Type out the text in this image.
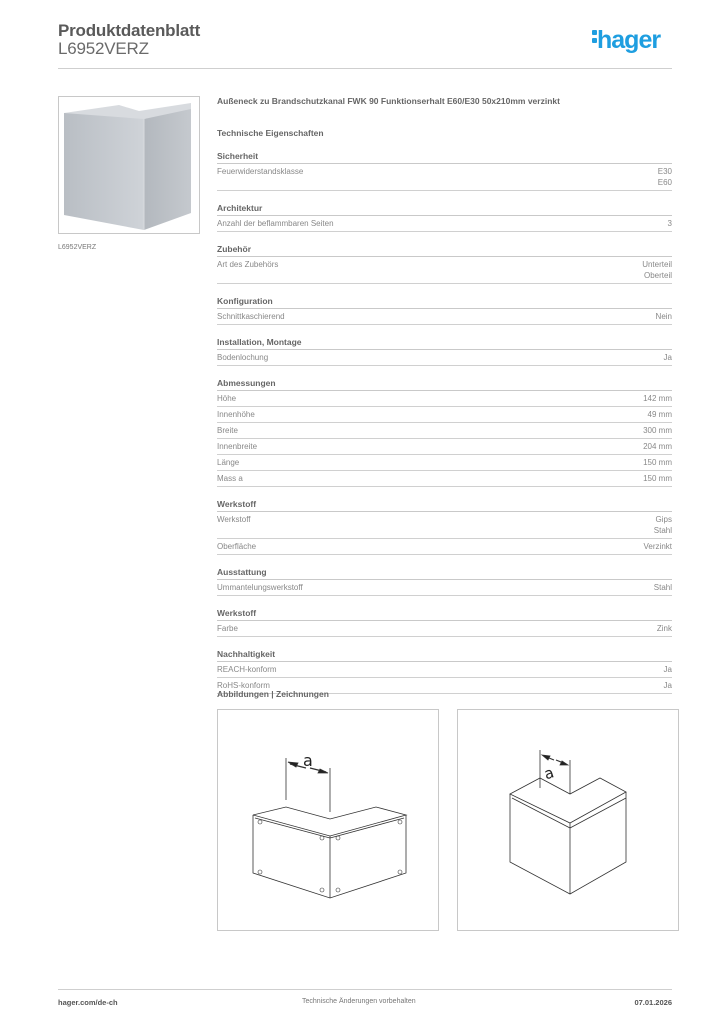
Produktdatenblatt
L6952VERZ	hager
L6952VERZ
Außeneck zu Brandschutzkanal FWK 90 Funktionserhalt E60/E30 50x210mm verzinkt
Technische Eigenschaften
Sicherheit
Feuerwiderstandsklasse	E30
E60
Architektur
Anzahl der beflammbaren Seiten	3
Zubehör
Art des Zubehörs	Unterteil
Oberteil
Konfiguration
Schnittkaschierend	Nein
Installation, Montage
Bodenlochung	Ja
Abmessungen
Höhe	142 mm
Innenhöhe	49 mm
Breite	300 mm
Innenbreite	204 mm
Länge	150 mm
Mass a	150 mm
Werkstoff
Werkstoff	Gips
Stahl
Oberfläche	Verzinkt
Ausstattung
Ummantelungswerkstoff	Stahl
Werkstoff
Farbe	Zink
Nachhaltigkeit
REACH-konform	Ja
RoHS-konform	Ja
Abbildungen | Zeichnungen
a
a
hager.com/de-ch	Technische Änderungen vorbehalten	07.01.2026
